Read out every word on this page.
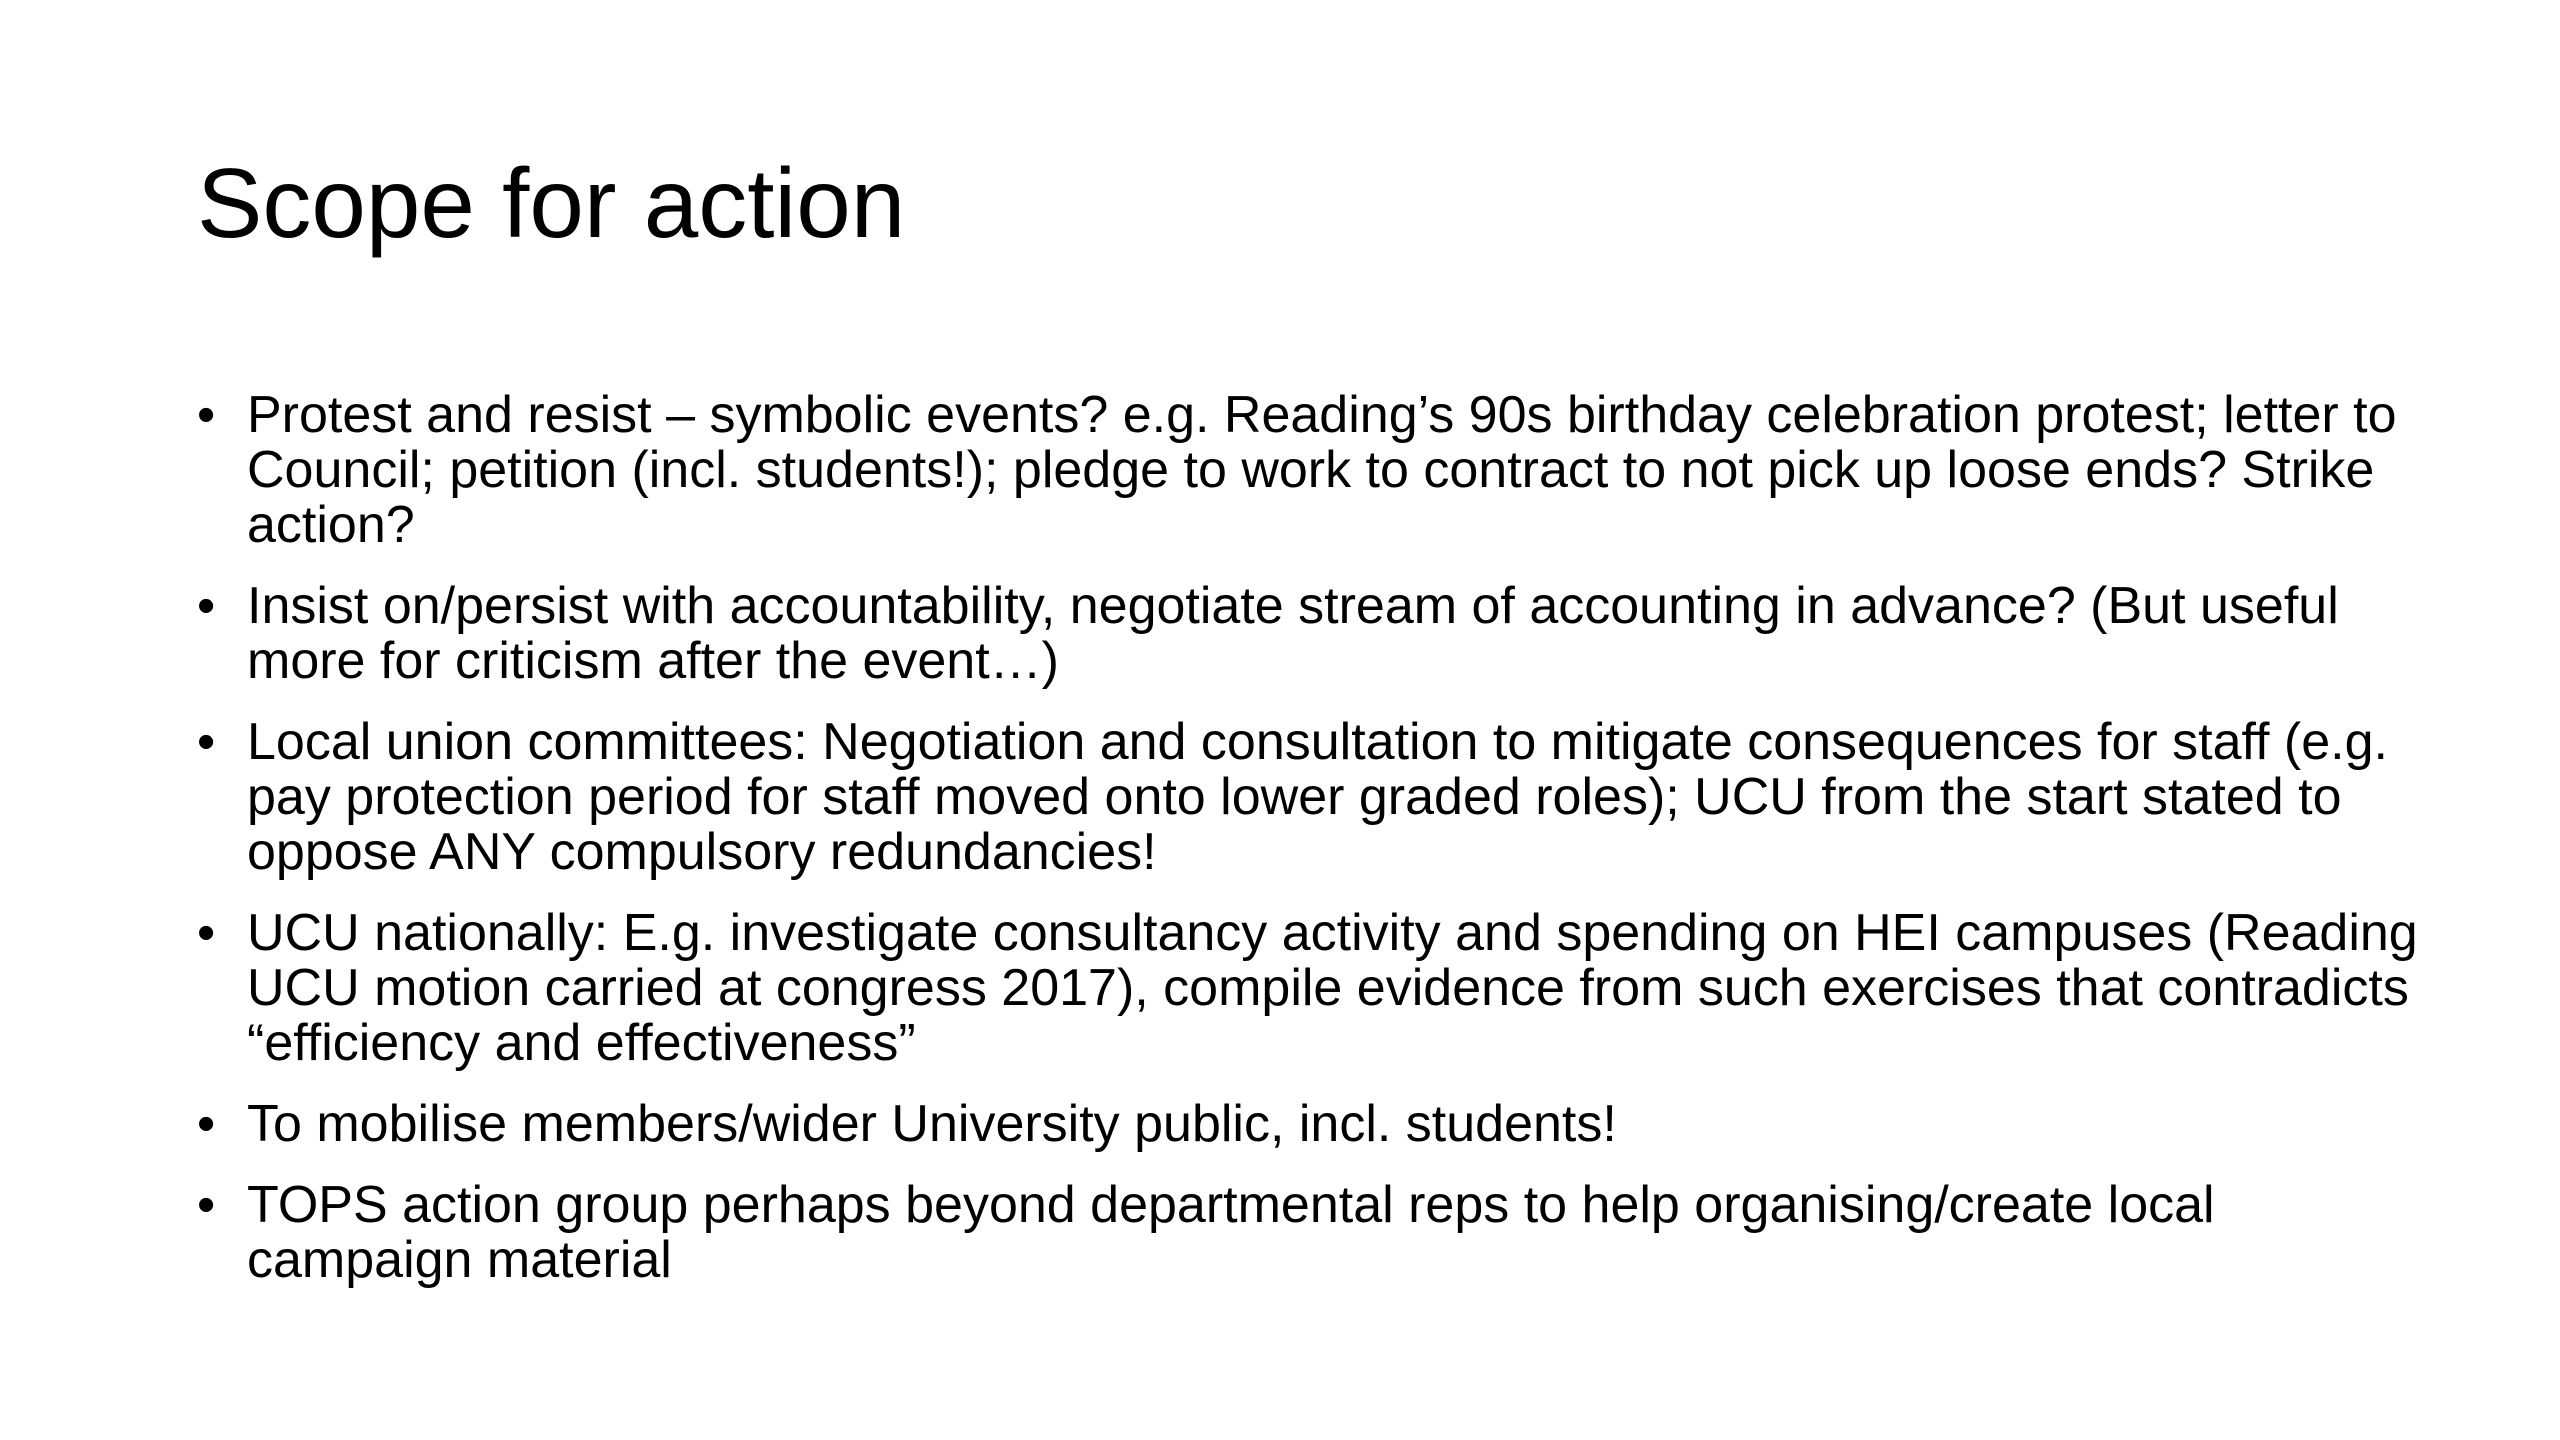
Scope for action
• Protest and resist – symbolic events? e.g. Reading’s 90s birthday celebration protest; letter to Council; petition (incl. students!); pledge to work to contract to not pick up loose ends? Strike action?
• Insist on/persist with accountability, negotiate stream of accounting in advance? (But useful more for criticism after the event…)
• Local union committees: Negotiation and consultation to mitigate consequences for staff (e.g. pay protection period for staff moved onto lower graded roles); UCU from the start stated to oppose ANY compulsory redundancies!
• UCU nationally: E.g. investigate consultancy activity and spending on HEI campuses (Reading UCU motion carried at congress 2017), compile evidence from such exercises that contradicts “efficiency and effectiveness”
• To mobilise members/wider University public, incl. students!
• TOPS action group perhaps beyond departmental reps to help organising/create local campaign material
